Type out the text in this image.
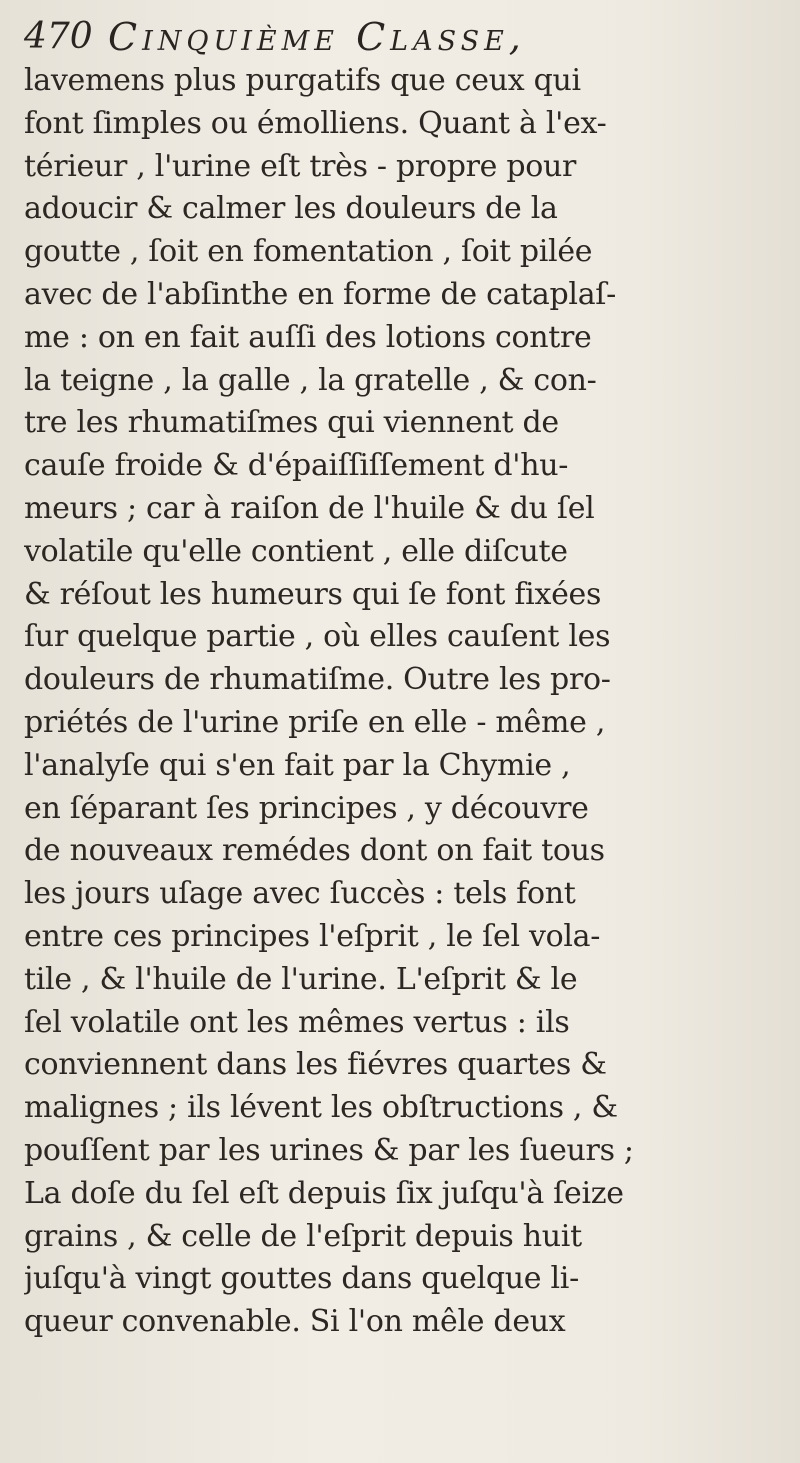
470 Cinquième Classe,
lavemens plus purgatifs que ceux qui
font ſimples ou émolliens. Quant à l'ex-
térieur , l'urine eſt très - propre pour
adoucir & calmer les douleurs de la
goutte , ſoit en fomentation , ſoit pilée
avec de l'abſinthe en forme de cataplaſ-
me : on en fait auſſi des lotions contre
la teigne , la galle , la gratelle , & con-
tre les rhumatiſmes qui viennent de
cauſe froide & d'épaiſſiſſement d'hu-
meurs ; car à raiſon de l'huile & du ſel
volatile qu'elle contient , elle diſcute
& réſout les humeurs qui ſe font fixées
ſur quelque partie , où elles cauſent les
douleurs de rhumatiſme. Outre les pro-
priétés de l'urine priſe en elle - même ,
l'analyſe qui s'en fait par la Chymie ,
en ſéparant ſes principes , y découvre
de nouveaux remédes dont on fait tous
les jours uſage avec ſuccès : tels font
entre ces principes l'eſprit , le ſel vola-
tile , & l'huile de l'urine. L'eſprit & le
ſel volatile ont les mêmes vertus : ils
conviennent dans les fiévres quartes &
malignes ; ils lévent les obſtructions , &
pouſſent par les urines & par les ſueurs ;
La doſe du ſel eſt depuis ſix juſqu'à ſeize
grains , & celle de l'eſprit depuis huit
juſqu'à vingt gouttes dans quelque li-
queur convenable. Si l'on mêle deux
